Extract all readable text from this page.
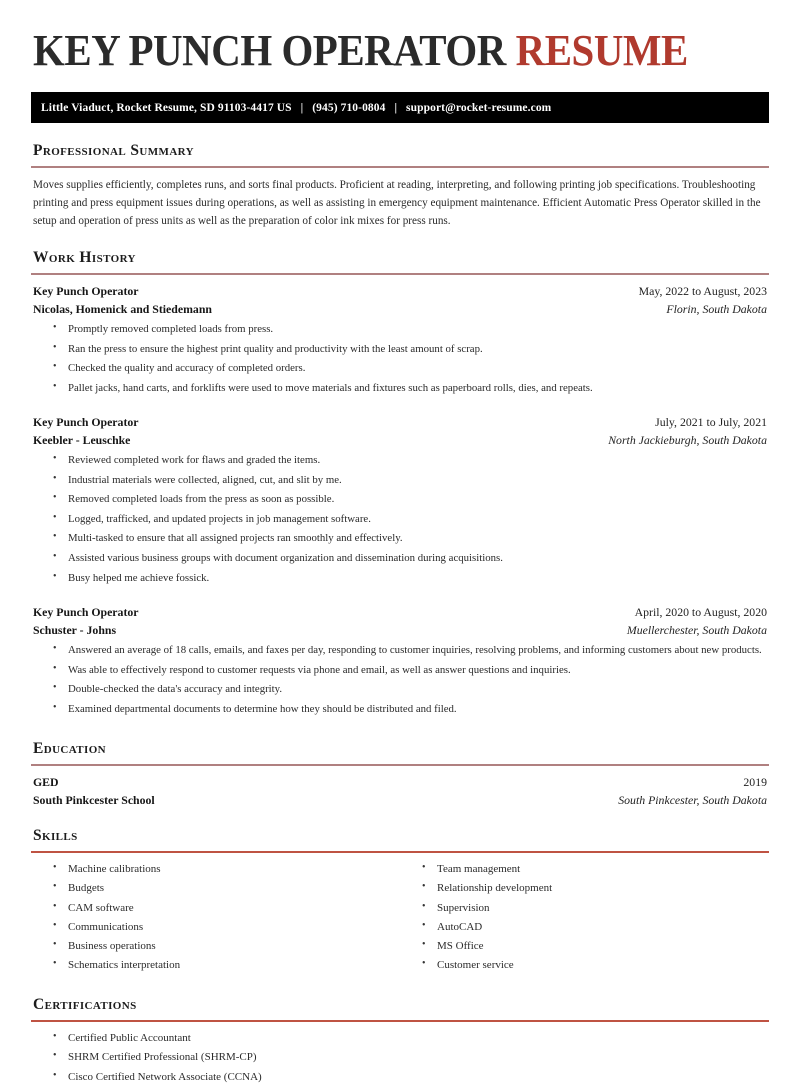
KEY PUNCH OPERATOR RESUME
Little Viaduct, Rocket Resume, SD 91103-4417 US | (945) 710-0804 | support@rocket-resume.com
Professional Summary

Moves supplies efficiently, completes runs, and sorts final products. Proficient at reading, interpreting, and following printing job specifications. Troubleshooting printing and press equipment issues during operations, as well as assisting in emergency equipment maintenance. Efficient Automatic Press Operator skilled in the setup and operation of press units as well as the preparation of color ink mixes for press runs.

Work History
Key Punch Operator	May, 2022 to August, 2023
Nicolas, Homenick and Stiedemann	Florin, South Dakota
• Promptly removed completed loads from press.
• Ran the press to ensure the highest print quality and productivity with the least amount of scrap.
• Checked the quality and accuracy of completed orders.
• Pallet jacks, hand carts, and forklifts were used to move materials and fixtures such as paperboard rolls, dies, and repeats.
Key Punch Operator	July, 2021 to July, 2021
Keebler - Leuschke	North Jackieburgh, South Dakota
• Reviewed completed work for flaws and graded the items.
• Industrial materials were collected, aligned, cut, and slit by me.
• Removed completed loads from the press as soon as possible.
• Logged, trafficked, and updated projects in job management software.
• Multi-tasked to ensure that all assigned projects ran smoothly and effectively.
• Assisted various business groups with document organization and dissemination during acquisitions.
• Busy helped me achieve fossick.
Key Punch Operator	April, 2020 to August, 2020
Schuster - Johns	Muellerchester, South Dakota
• Answered an average of 18 calls, emails, and faxes per day, responding to customer inquiries, resolving problems, and informing customers about new products.
• Was able to effectively respond to customer requests via phone and email, as well as answer questions and inquiries.
• Double-checked the data's accuracy and integrity.
• Examined departmental documents to determine how they should be distributed and filed.
Education
GED	2019
South Pinkcester School	South Pinkcester, South Dakota
Skills
• Machine calibrations
• Budgets
• CAM software
• Communications
• Business operations
• Schematics interpretation
• Team management
• Relationship development
• Supervision
• AutoCAD
• MS Office
• Customer service
Certifications
• Certified Public Accountant
• SHRM Certified Professional (SHRM-CP)
• Cisco Certified Network Associate (CCNA)
